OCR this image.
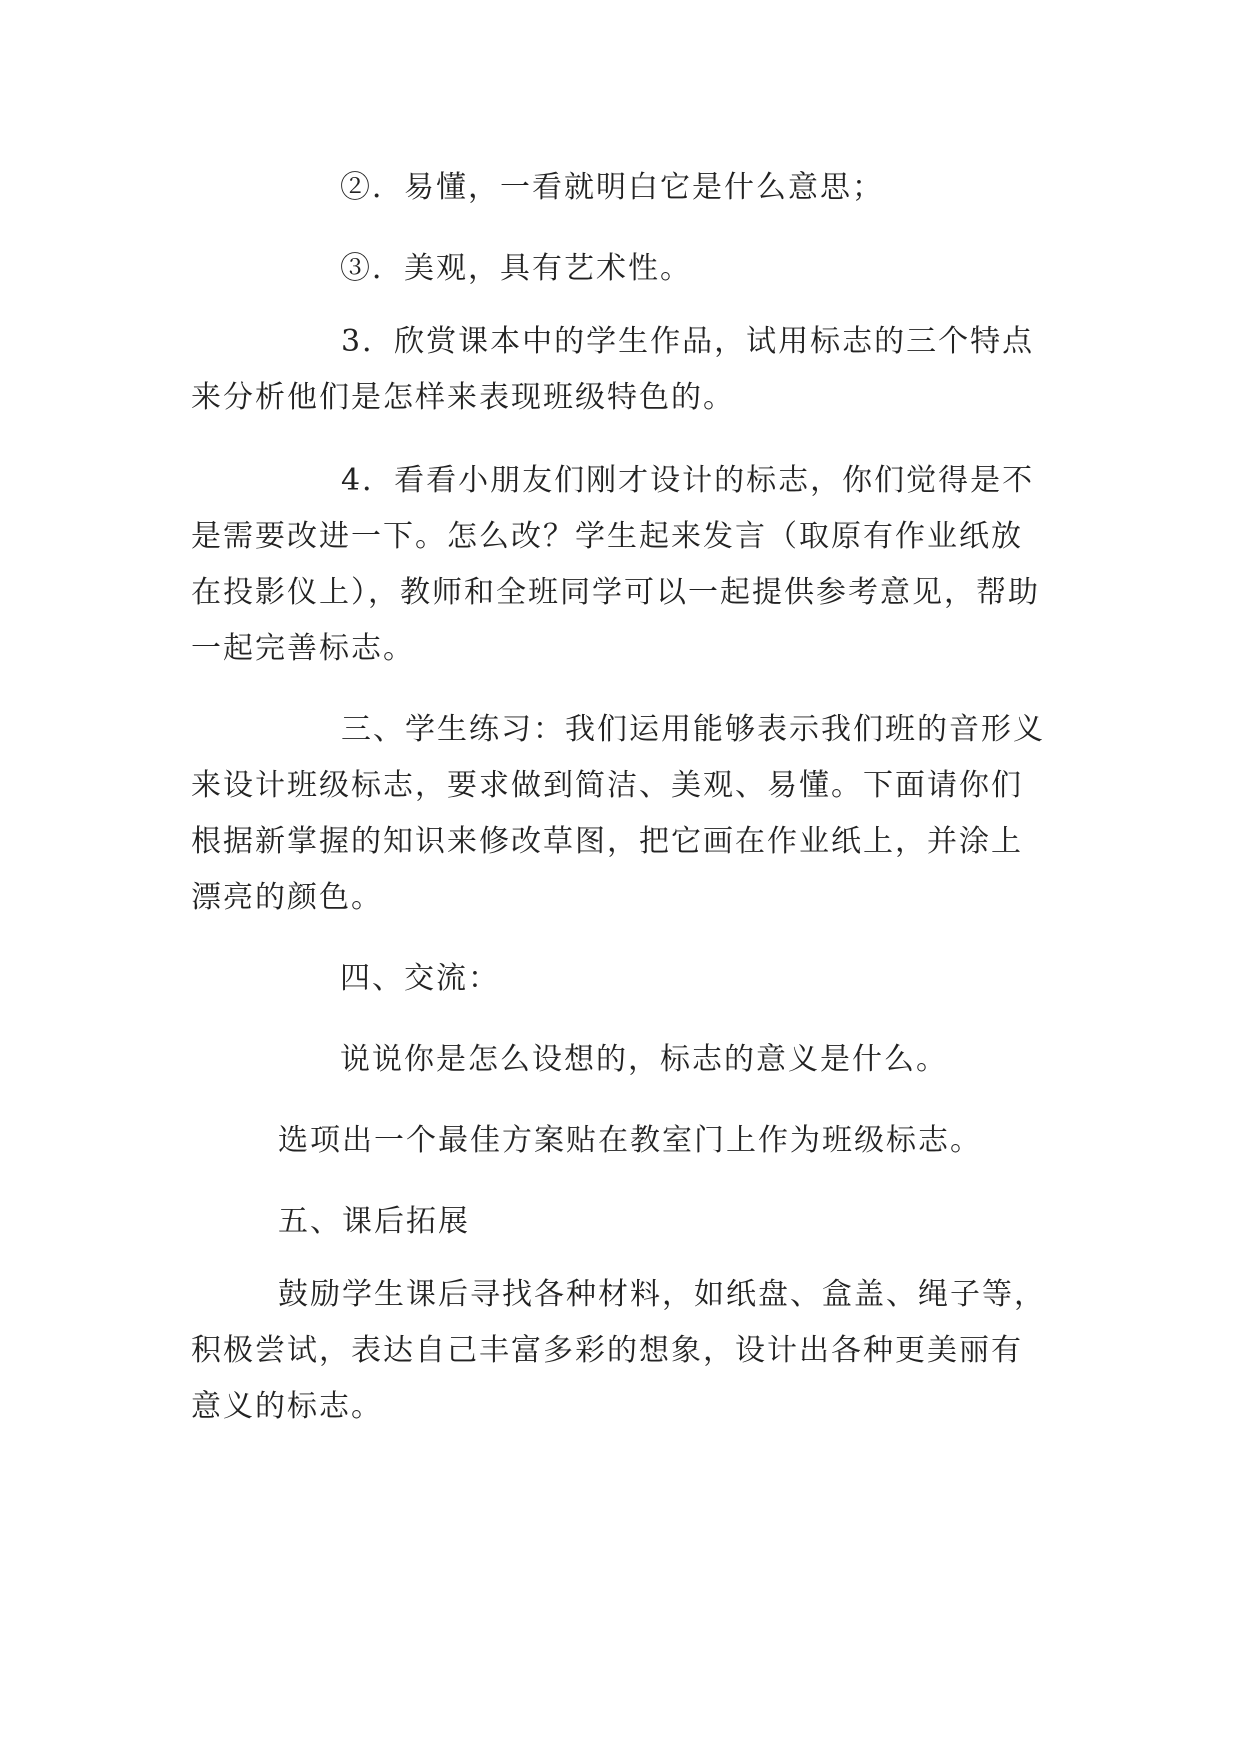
②．易懂，一看就明白它是什么意思；
③．美观，具有艺术性。

3．欣赏课本中的学生作品，试用标志的三个特点来分析他们是怎样来表现班级特色的。

4．看看小朋友们刚才设计的标志，你们觉得是不是需要改进一下。怎么改？学生起来发言（取原有作业纸放在投影仪上），教师和全班同学可以一起提供参考意见，帮助一起完善标志。

三、学生练习：我们运用能够表示我们班的音形义来设计班级标志，要求做到简洁、美观、易懂。下面请你们根据新掌握的知识来修改草图，把它画在作业纸上，并涂上漂亮的颜色。

四、交流：
说说你是怎么设想的，标志的意义是什么。
选项出一个最佳方案贴在教室门上作为班级标志。
五、课后拓展

鼓励学生课后寻找各种材料，如纸盘、盒盖、绳子等，积极尝试，表达自己丰富多彩的想象，设计出各种更美丽有意义的标志。
